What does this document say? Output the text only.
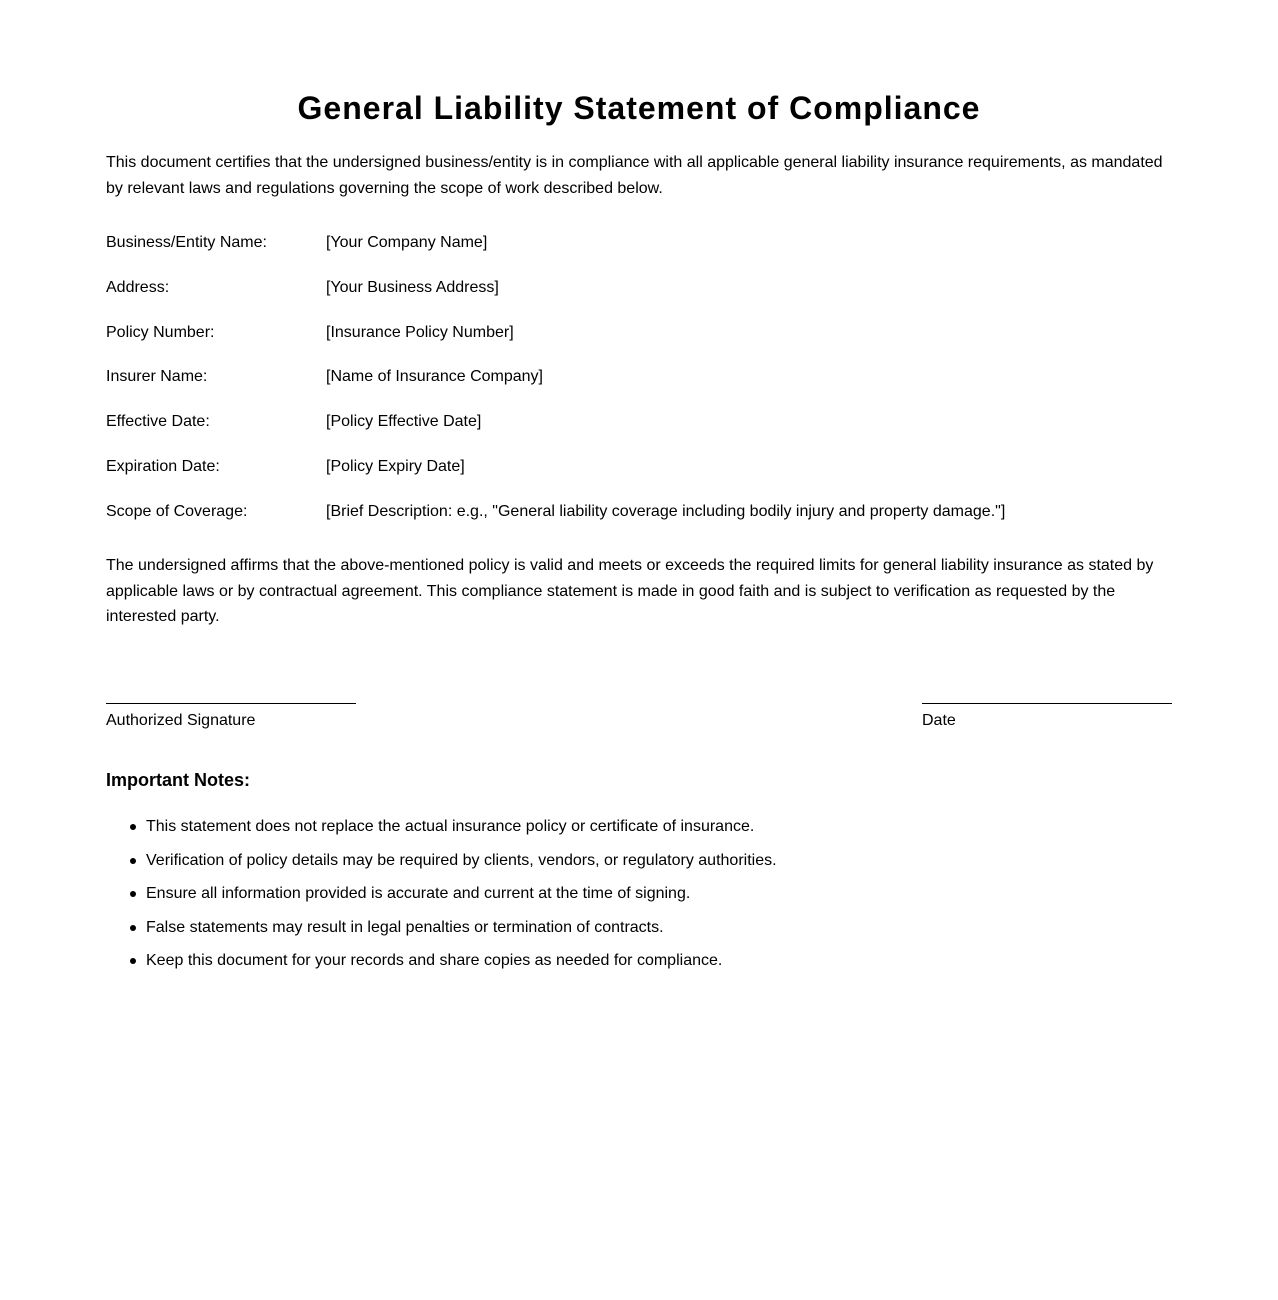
General Liability Statement of Compliance

This document certifies that the undersigned business/entity is in compliance with all applicable general liability insurance requirements, as mandated by relevant laws and regulations governing the scope of work described below.

Business/Entity Name:	[Your Company Name]
Address:	[Your Business Address]
Policy Number:	[Insurance Policy Number]
Insurer Name:	[Name of Insurance Company]
Effective Date:	[Policy Effective Date]
Expiration Date:	[Policy Expiry Date]
Scope of Coverage:	[Brief Description: e.g., "General liability coverage including bodily injury and property damage."]

The undersigned affirms that the above-mentioned policy is valid and meets or exceeds the required limits for general liability insurance as stated by applicable laws or by contractual agreement. This compliance statement is made in good faith and is subject to verification as requested by the interested party.

Authorized Signature	Date
Important Notes:
This statement does not replace the actual insurance policy or certificate of insurance.
Verification of policy details may be required by clients, vendors, or regulatory authorities.
Ensure all information provided is accurate and current at the time of signing.
False statements may result in legal penalties or termination of contracts.
Keep this document for your records and share copies as needed for compliance.
